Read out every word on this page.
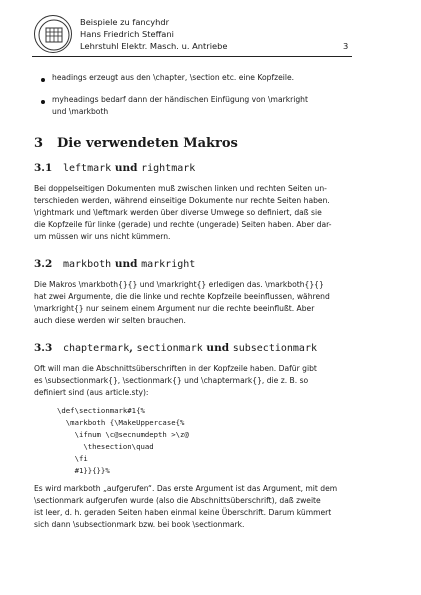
Beispiele zu fancyhdr
Hans Friedrich Steffani
Lehrstuhl Elektr. Masch. u. Antriebe	3
headings erzeugt aus den \chapter, \section etc. eine Kopfzeile.
myheadings bedarf dann der händischen Einfügung von \markright
und \markboth
3 Die verwendeten Makros
3.1 leftmark und rightmark
Bei doppelseitigen Dokumenten muß zwischen linken und rechten Seiten un-
terschieden werden, während einseitige Dokumente nur rechte Seiten haben.
\rightmark und \leftmark werden über diverse Umwege so definiert, daß sie
die Kopfzeile für linke (gerade) und rechte (ungerade) Seiten haben. Aber dar-
um müssen wir uns nicht kümmern.
3.2 markboth und markright
Die Makros \markboth{}{} und \markright{} erledigen das. \markboth{}{}
hat zwei Argumente, die die linke und rechte Kopfzeile beeinflussen, während
\markright{} nur seinem einem Argument nur die rechte beeinflußt. Aber
auch diese werden wir selten brauchen.
3.3 chaptermark, sectionmark und subsectionmark
Oft will man die Abschnittsüberschriften in der Kopfzeile haben. Dafür gibt
es \subsectionmark{}, \sectionmark{} und \chaptermark{}, die z. B. so
definiert sind (aus article.sty):
\def\sectionmark#1{%
\markboth {\MakeUppercase{%
\ifnum \c@secnumdepth >\z@
\thesection\quad
\fi
#1}}{}}%
Es wird markboth „aufgerufen“. Das erste Argument ist das Argument, mit dem
\sectionmark aufgerufen wurde (also die Abschnittsüberschrift), daß zweite
ist leer, d. h. geraden Seiten haben einmal keine Überschrift. Darum kümmert
sich dann \subsectionmark bzw. bei book \sectionmark.
